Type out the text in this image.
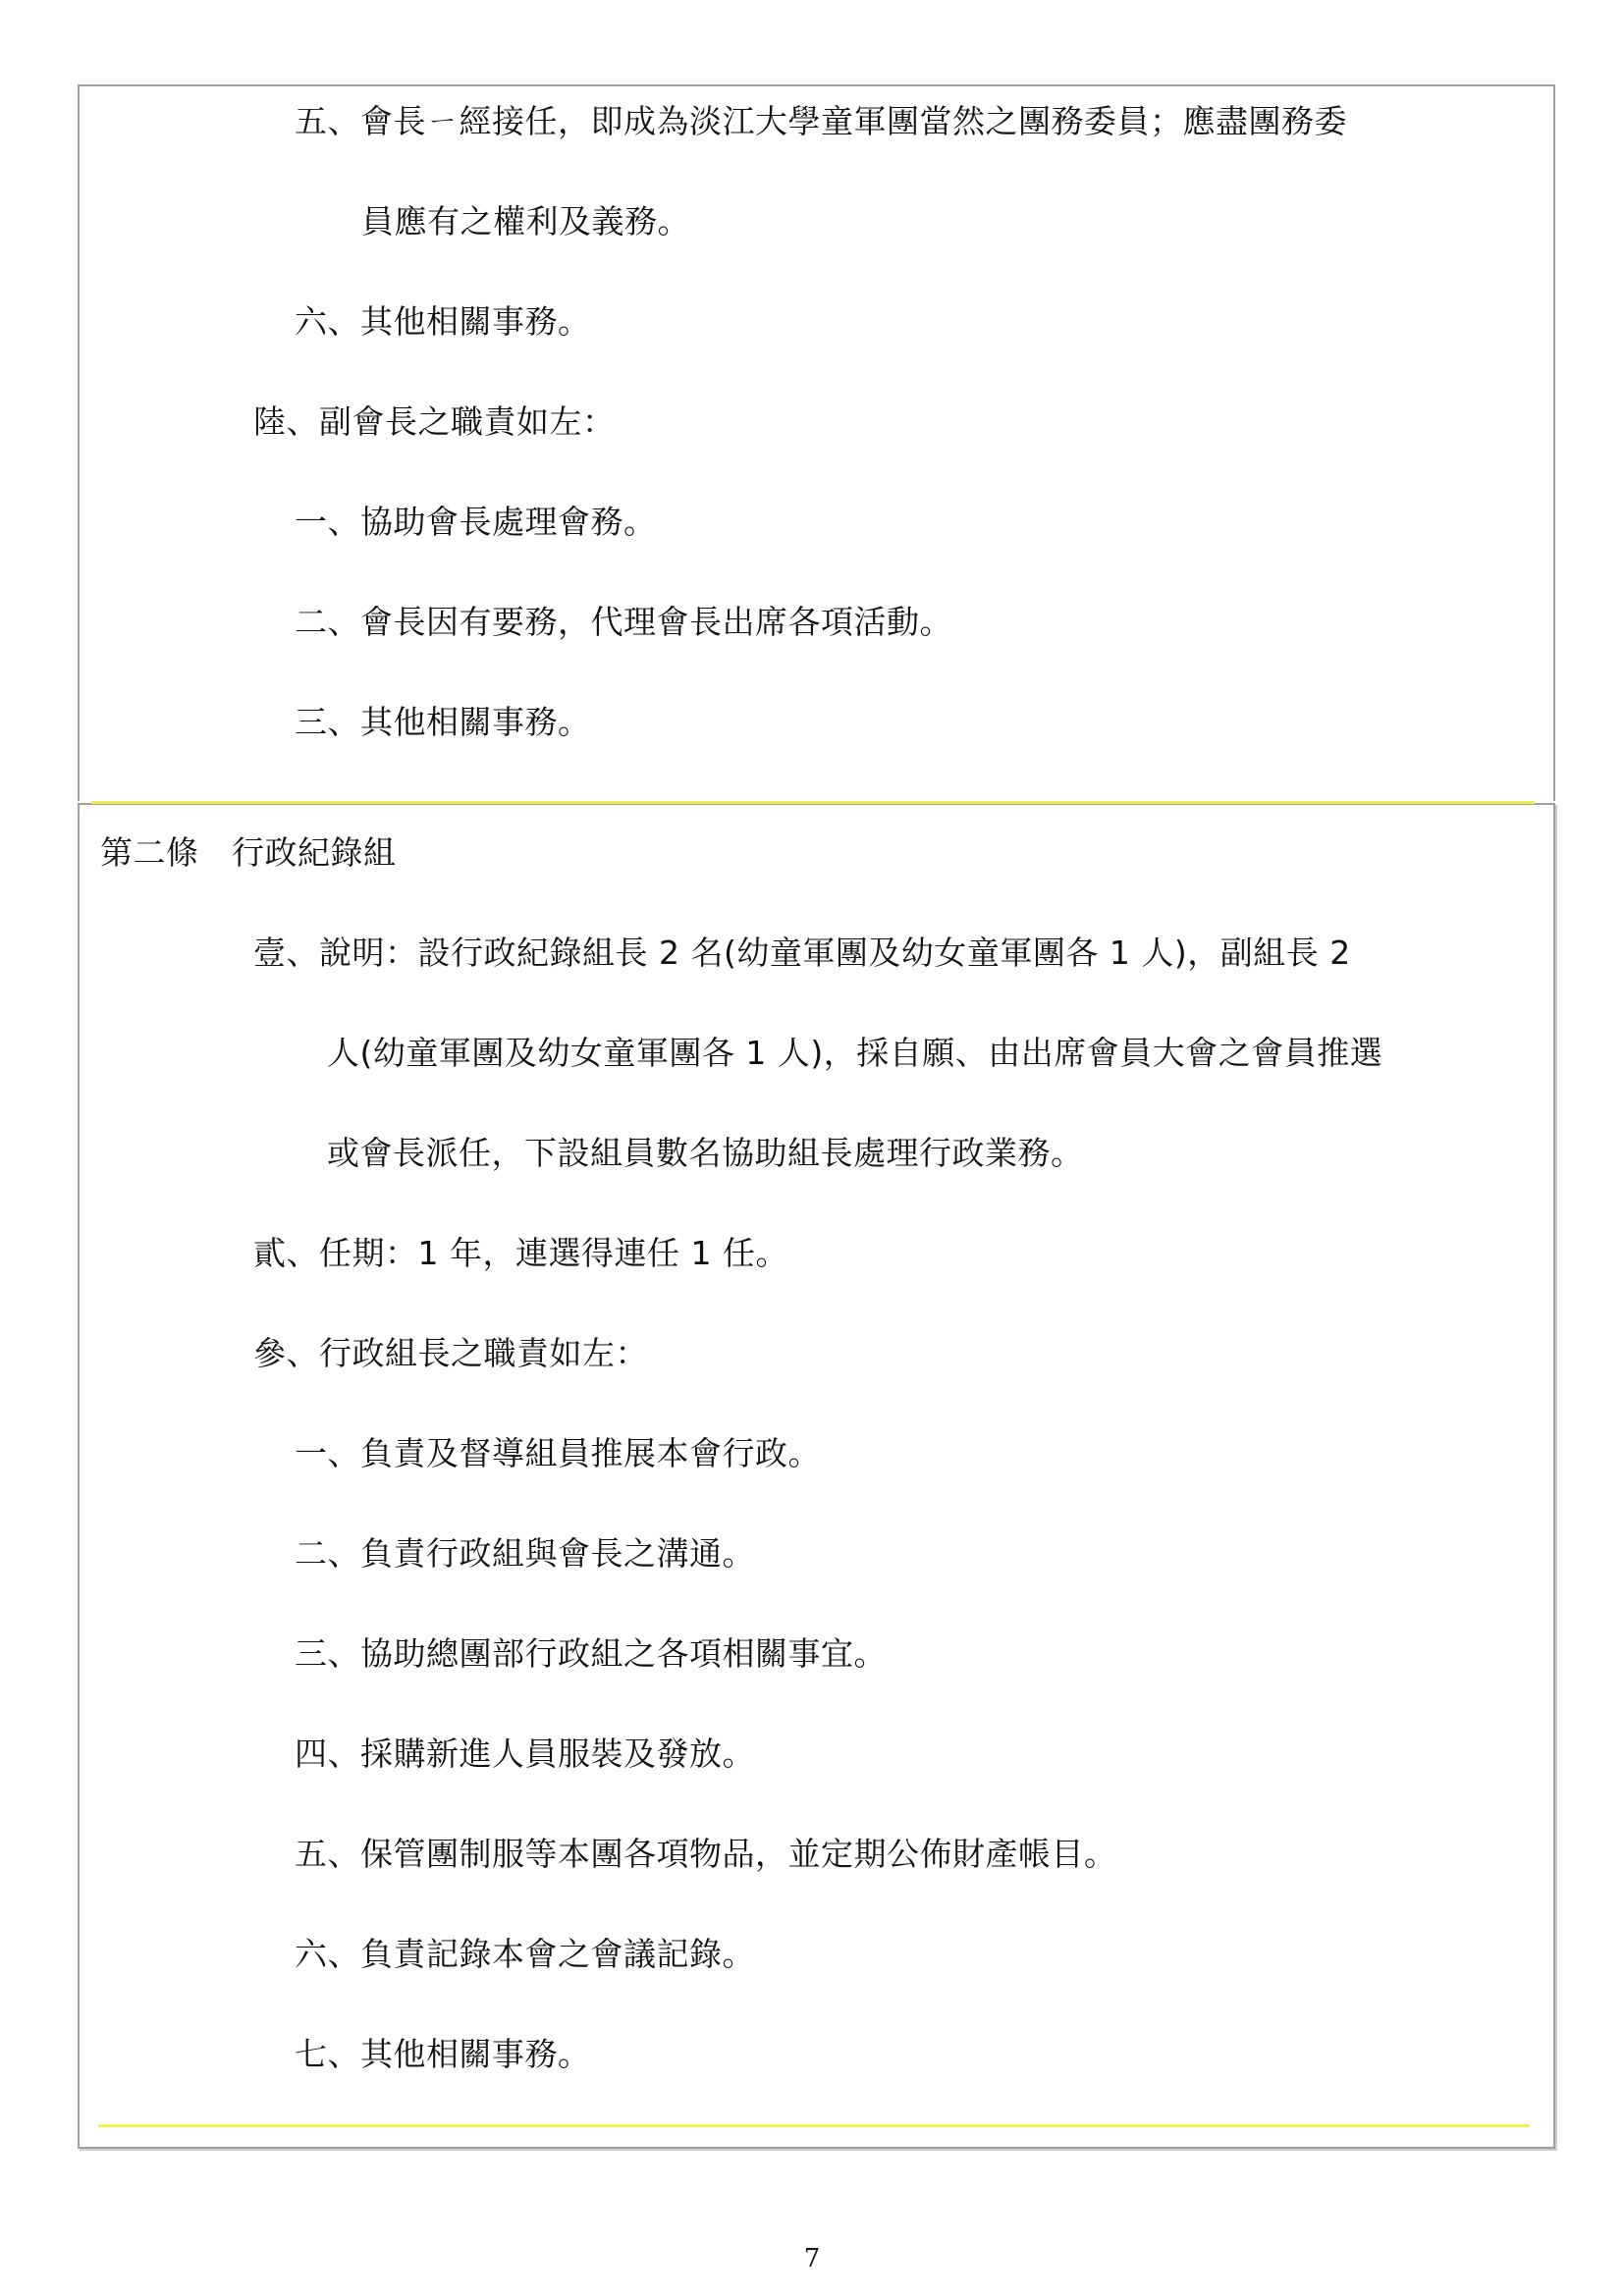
五、會長ㄧ經接任，即成為淡江大學童軍團當然之團務委員；應盡團務委
員應有之權利及義務。
六、其他相關事務。
陸、副會長之職責如左：
一、協助會長處理會務。
二、會長因有要務，代理會長出席各項活動。
三、其他相關事務。
第二條　行政紀錄組
壹、說明：設行政紀錄組長 2 名(幼童軍團及幼女童軍團各 1 人)，副組長 2
人(幼童軍團及幼女童軍團各 1 人)，採自願、由出席會員大會之會員推選
或會長派任，下設組員數名協助組長處理行政業務。
貳、任期：1 年，連選得連任 1 任。
參、行政組長之職責如左：
一、負責及督導組員推展本會行政。
二、負責行政組與會長之溝通。
三、協助總團部行政組之各項相關事宜。
四、採購新進人員服裝及發放。
五、保管團制服等本團各項物品，並定期公佈財產帳目。
六、負責記錄本會之會議記錄。
七、其他相關事務。
7
